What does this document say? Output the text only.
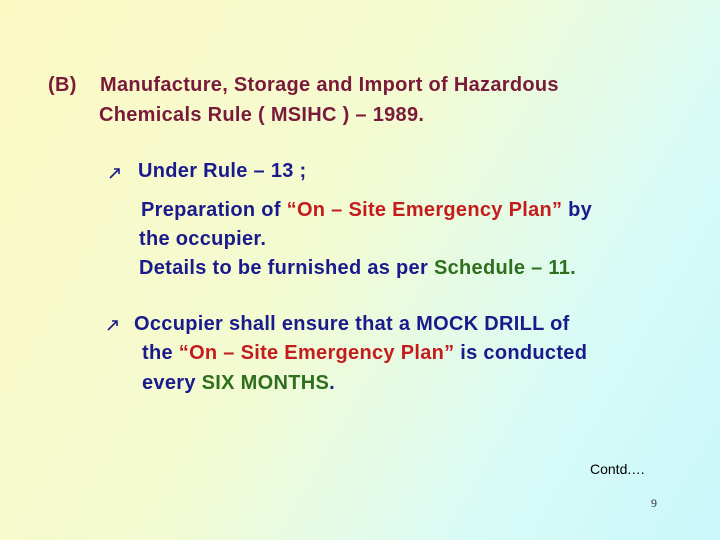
(B) Manufacture, Storage and Import of Hazardous
Chemicals Rule ( MSIHC ) – 1989.
Under Rule – 13 ;
Preparation of “On – Site Emergency Plan” by
the occupier.
Details to be furnished as per Schedule – 11.
Occupier shall ensure that a MOCK DRILL of
the “On – Site Emergency Plan” is conducted
every SIX MONTHS.
Contd.…
9
